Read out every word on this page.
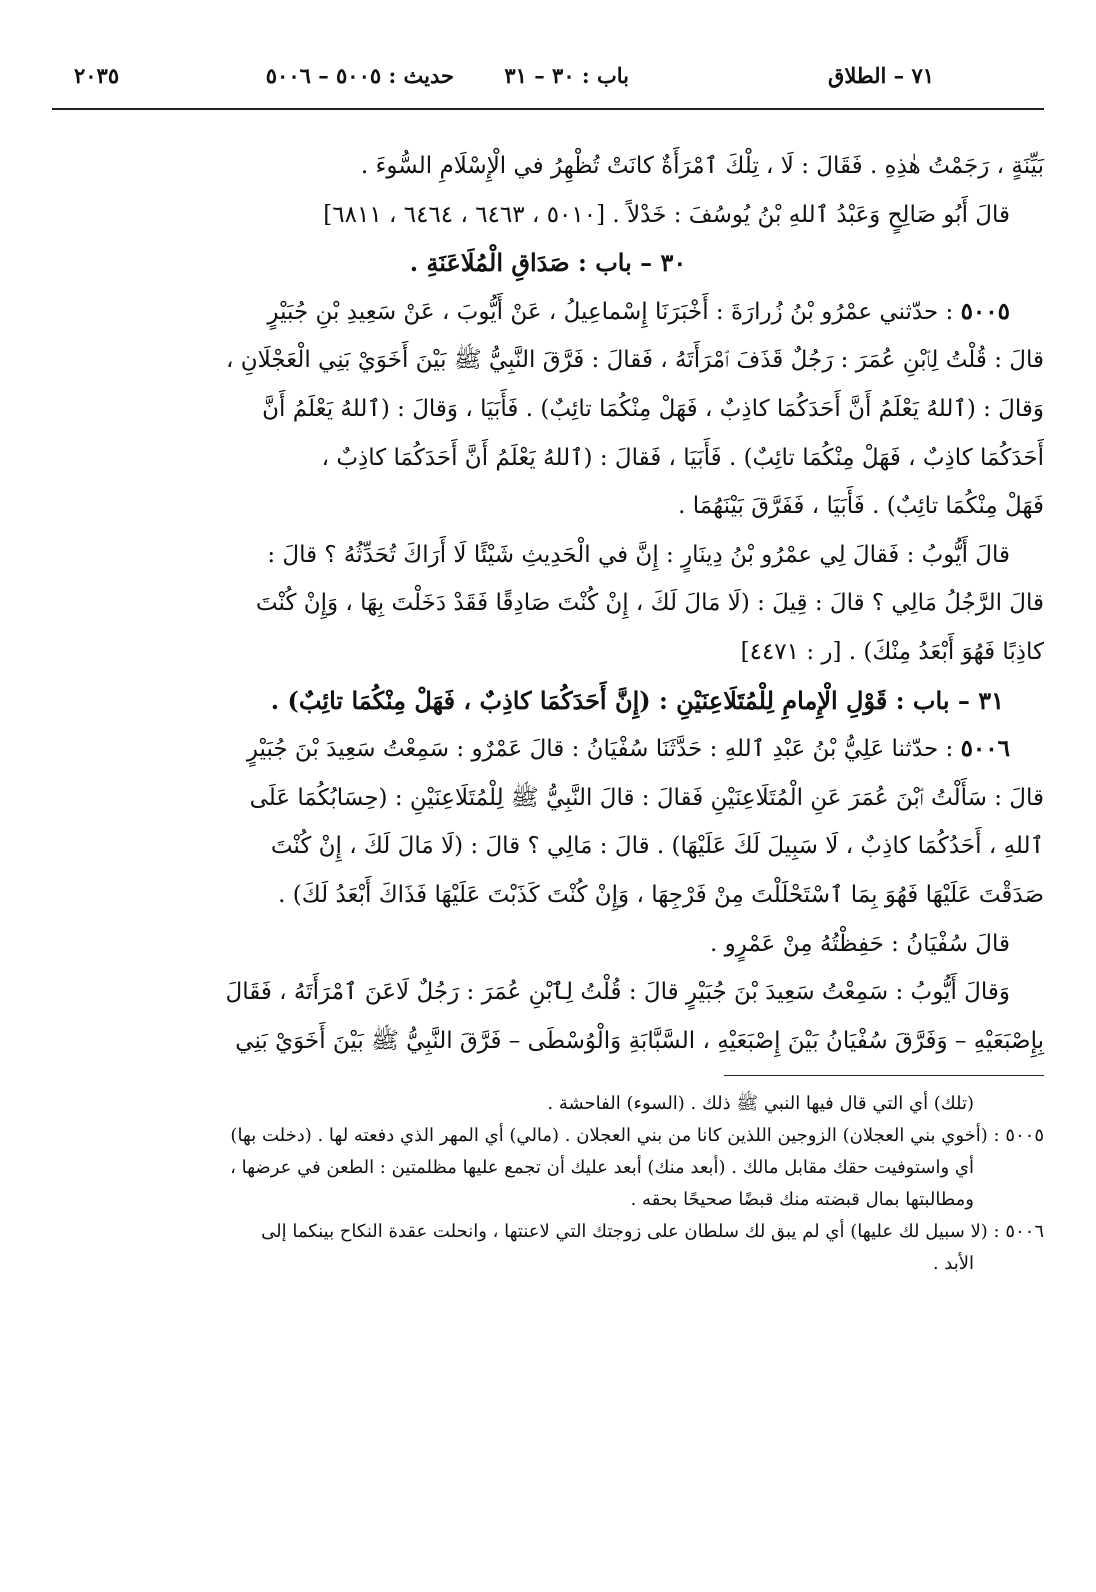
٧١ – الطلاق
باب : ٣٠ – ٣١
حديث : ٥٠٠٥ – ٥٠٠٦
٢٠٣٥

بَيِّنَةٍ ، رَجَمْتُ هٰذِهِ . فَقَالَ : لَا ، تِلْكَ ٱمْرَأَةٌ كانَتْ تُظْهِرُ في الْإِسْلَامِ السُّوءَ .

قالَ أَبُو صَالِحٍ وَعَبْدُ ٱللهِ بْنُ يُوسُفَ : خَدْلاً . [٥٠١٠ ، ٦٤٦٣ ، ٦٤٦٤ ، ٦٨١١]

٣٠ – باب : صَدَاقِ الْمُلَاعَنَةِ .

٥٠٠٥ : حدّثني عمْرُو بْنُ زُرارَةَ : أَخْبَرَنَا إِسْماعِيلُ ، عَنْ أَيُّوبَ ، عَنْ سَعِيدِ بْنِ جُبَيْرٍ

قالَ : قُلْتُ لِٱبْنِ عُمَرَ : رَجُلٌ قَذَفَ ٱمْرَأَتَهُ ، فَقالَ : فَرَّقَ النَّبِيُّ ﷺ بَيْنَ أَخَوَيْ بَنِي الْعَجْلَانِ ،

وَقالَ : (ٱللهُ يَعْلَمُ أَنَّ أَحَدَكُمَا كاذِبٌ ، فَهَلْ مِنْكُمَا تائِبٌ) . فَأَبَيَا ، وَقالَ : (ٱللهُ يَعْلَمُ أَنَّ

أَحَدَكُمَا كاذِبٌ ، فَهَلْ مِنْكُمَا تائِبٌ) . فَأَبَيَا ، فَقالَ : (ٱللهُ يَعْلَمُ أَنَّ أَحَدَكُمَا كاذِبٌ ،

فَهَلْ مِنْكُمَا تائِبٌ) . فَأَبَيَا ، فَفَرَّقَ بَيْنَهُمَا .

قالَ أَيُّوبُ : فَقالَ لِي عمْرُو بْنُ دِينَارٍ : إِنَّ في الْحَدِيثِ شَيْئًا لَا أَرَاكَ تُحَدِّثُهُ ؟ قالَ :

قالَ الرَّجُلُ مَالِي ؟ قالَ : قِيلَ : (لَا مَالَ لَكَ ، إِنْ كُنْتَ صَادِقًا فَقَدْ دَخَلْتَ بِهَا ، وَإِنْ كُنْتَ

كاذِبًا فَهُوَ أَبْعَدُ مِنْكَ) . [ر : ٤٤٧١]

٣١ – باب : قَوْلِ الْإِمامِ لِلْمُتَلَاعِنَيْنِ : (إِنَّ أَحَدَكُمَا كاذِبٌ ، فَهَلْ مِنْكُمَا تائِبٌ) .

٥٠٠٦ : حدّثنا عَلِيُّ بْنُ عَبْدِ ٱللهِ : حَدَّثَنَا سُفْيَانُ : قالَ عَمْرٌو : سَمِعْتُ سَعِيدَ بْنَ جُبَيْرٍ

قالَ : سَأَلْتُ ٱبْنَ عُمَرَ عَنِ الْمُتَلَاعِنَيْنِ فَقالَ : قالَ النَّبِيُّ ﷺ لِلْمُتَلَاعِنَيْنِ : (حِسَابُكُمَا عَلَى

ٱللهِ ، أَحَدُكُمَا كاذِبٌ ، لَا سَبِيلَ لَكَ عَلَيْهَا) . قالَ : مَالِي ؟ قالَ : (لَا مَالَ لَكَ ، إِنْ كُنْتَ

صَدَقْتَ عَلَيْهَا فَهُوَ بِمَا ٱسْتَحْلَلْتَ مِنْ فَرْجِهَا ، وَإِنْ كُنْتَ كَذَبْتَ عَلَيْهَا فَذَاكَ أَبْعَدُ لَكَ) .

قالَ سُفْيَانُ : حَفِظْتُهُ مِنْ عَمْرٍو .

وَقالَ أَيُّوبُ : سَمِعْتُ سَعِيدَ بْنَ جُبَيْرٍ قالَ : قُلْتُ لِٱبْنِ عُمَرَ : رَجُلٌ لَاعَنَ ٱمْرَأَتَهُ ، فَقَالَ

بِإِصْبَعَيْهِ – وَفَرَّقَ سُفْيَانُ بَيْنَ إِصْبَعَيْهِ ، السَّبَّابَةِ وَالْوُسْطَى – فَرَّقَ النَّبِيُّ ﷺ بَيْنَ أَخَوَيْ بَنِي

(تلك) أي التي قال فيها النبي ﷺ ذلك . (السوء) الفاحشة .

٥٠٠٥ : (أخوي بني العجلان) الزوجين اللذين كانا من بني العجلان . (مالي) أي المهر الذي دفعته لها . (دخلت بها)

أي واستوفيت حقك مقابل مالك . (أبعد منك) أبعد عليك أن تجمع عليها مظلمتين : الطعن في عرضها ،

ومطالبتها بمال قبضته منك قبضًا صحيحًا بحقه .

٥٠٠٦ : (لا سبيل لك عليها) أي لم يبق لك سلطان على زوجتك التي لاعنتها ، وانحلت عقدة النكاح بينكما إلى

الأبد .
